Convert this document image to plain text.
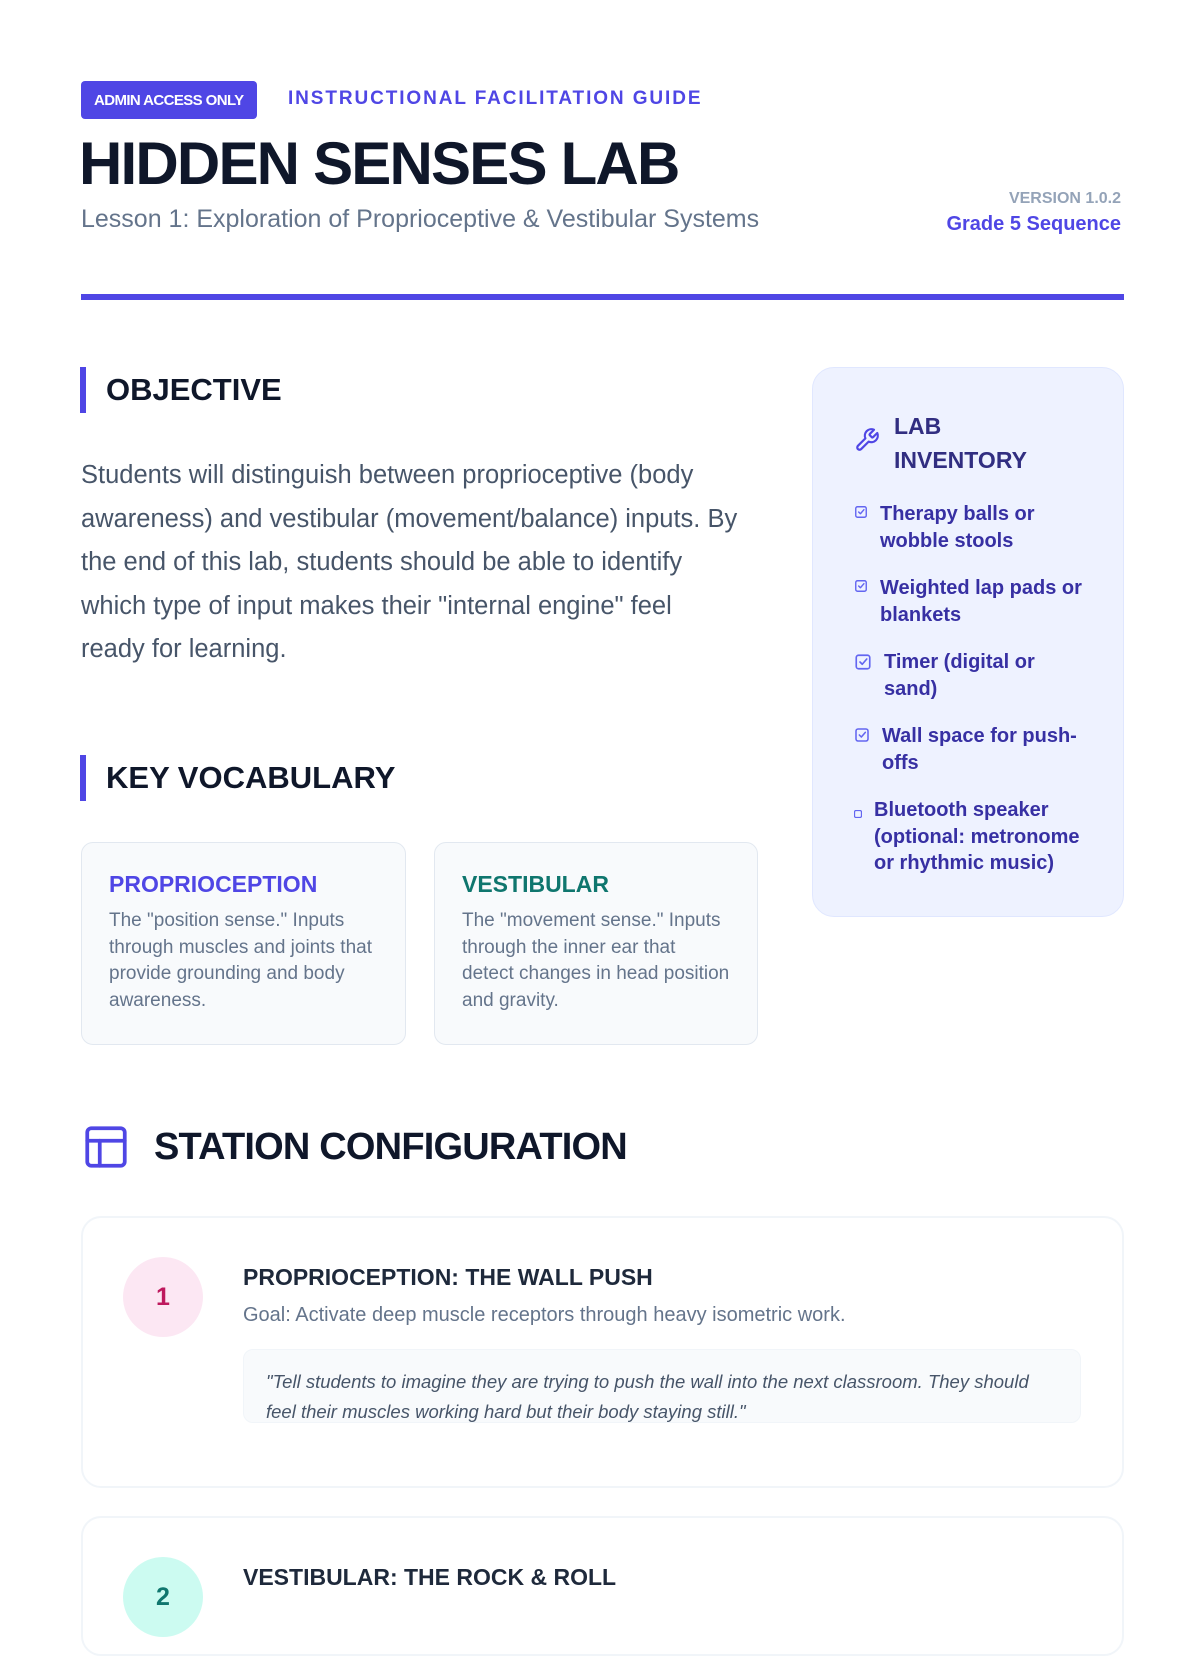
ADMIN ACCESS ONLY	INSTRUCTIONAL FACILITATION GUIDE
HIDDEN SENSES LAB
Lesson 1: Exploration of Proprioceptive & Vestibular Systems
VERSION 1.0.2
Grade 5 Sequence
OBJECTIVE
Students will distinguish between proprioceptive (body awareness) and vestibular (movement/balance) inputs. By the end of this lab, students should be able to identify which type of input makes their "internal engine" feel ready for learning.
KEY VOCABULARY
PROPRIOCEPTION
The "position sense." Inputs through muscles and joints that provide grounding and body awareness.
VESTIBULAR
The "movement sense." Inputs through the inner ear that detect changes in head position and gravity.
LAB INVENTORY
Therapy balls or wobble stools
Weighted lap pads or blankets
Timer (digital or sand)
Wall space for push-offs
Bluetooth speaker (optional: metronome or rhythmic music)
STATION CONFIGURATION
1
PROPRIOCEPTION: THE WALL PUSH
Goal: Activate deep muscle receptors through heavy isometric work.
"Tell students to imagine they are trying to push the wall into the next classroom. They should feel their muscles working hard but their body staying still."
2
VESTIBULAR: THE ROCK & ROLL
